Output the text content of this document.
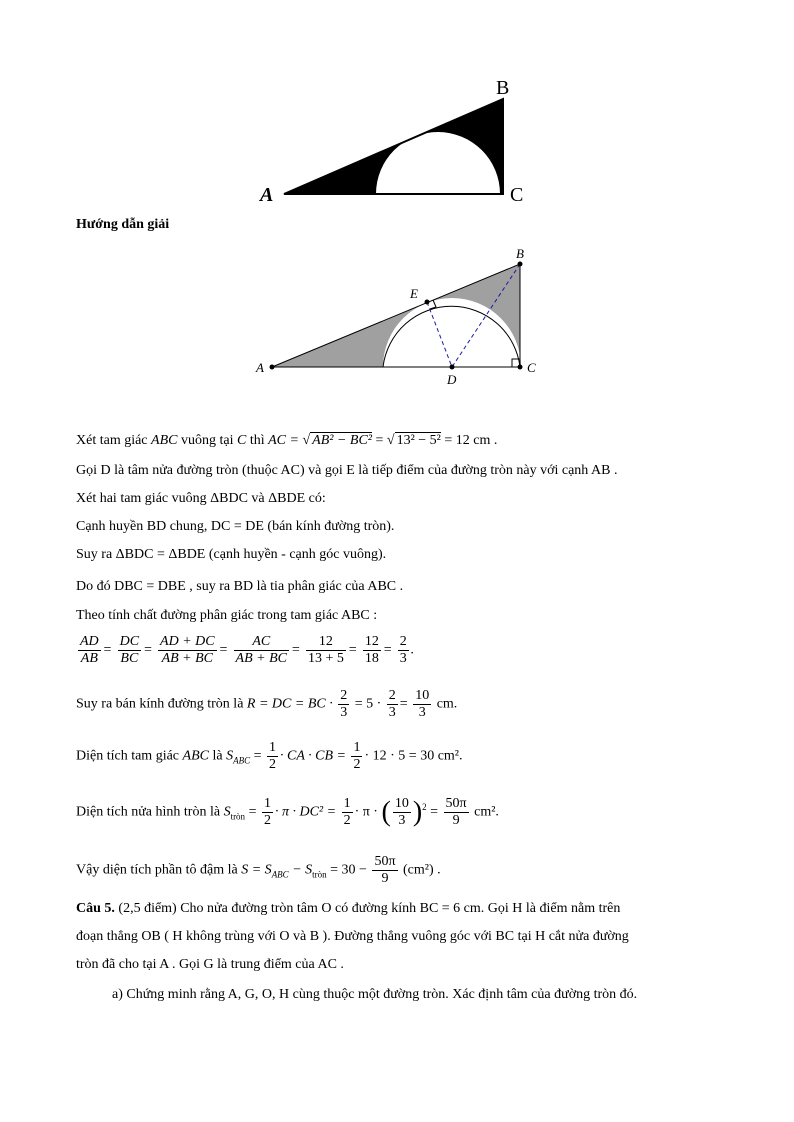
A
B
C
Hướng dẫn giải
A
B
C
D
E
Xét tam giác ABC vuông tại C thì AC = √ AB² − BC² = √ 13² − 5² = 12 cm .
Gọi D là tâm nửa đường tròn (thuộc AC) và gọi E là tiếp điểm của đường tròn này với cạnh AB .
Xét hai tam giác vuông ΔBDC và ΔBDE có:
Cạnh huyền BD chung, DC = DE (bán kính đường tròn).
Suy ra ΔBDC = ΔBDE (cạnh huyền - cạnh góc vuông).
Do đó DBC = DBE , suy ra BD là tia phân giác của ABC .
Theo tính chất đường phân giác trong tam giác ABC :
$\frac{AD}{AB} = \frac{DC}{BC} = \frac{AD + DC}{AB + BC} = \frac{AC}{AB + BC} = \frac{12}{13 + 5} = \frac{12}{18} = \frac{2}{3}$ .
Suy ra bán kính đường tròn là R = DC = BC · $\frac{2}{3} = 5 \cdot \frac{2}{3} = \frac{10}{3}$ cm.
Diện tích tam giác ABC là $S_{ABC} = \frac{1}{2}$ · CA · CB = $\frac{1}{2} \cdot 12 \cdot 5 = 30$ cm².
Diện tích nửa hình tròn là $S_{tròn} = \frac{1}{2} \cdot \pi \cdot DC^2 = \frac{1}{2} \cdot \pi$ · ( $\frac{10}{3} )^2 = \frac{50\pi}{9} cm^2$.
Vậy diện tích phần tô đậm là $S = S_{ABC} - S_{tròn} = 30 - \frac{50\pi}{9} (cm^2)$ .
Câu 5. (2,5 điểm) Cho nửa đường tròn tâm O có đường kính BC = 6 cm. Gọi H là điểm nằm trên
đoạn thẳng OB ( H không trùng với O và B ). Đường thẳng vuông góc với BC tại H cắt nửa đường
tròn đã cho tại A . Gọi G là trung điểm của AC .
a) Chứng minh rằng A, G, O, H cùng thuộc một đường tròn. Xác định tâm của đường tròn đó.
